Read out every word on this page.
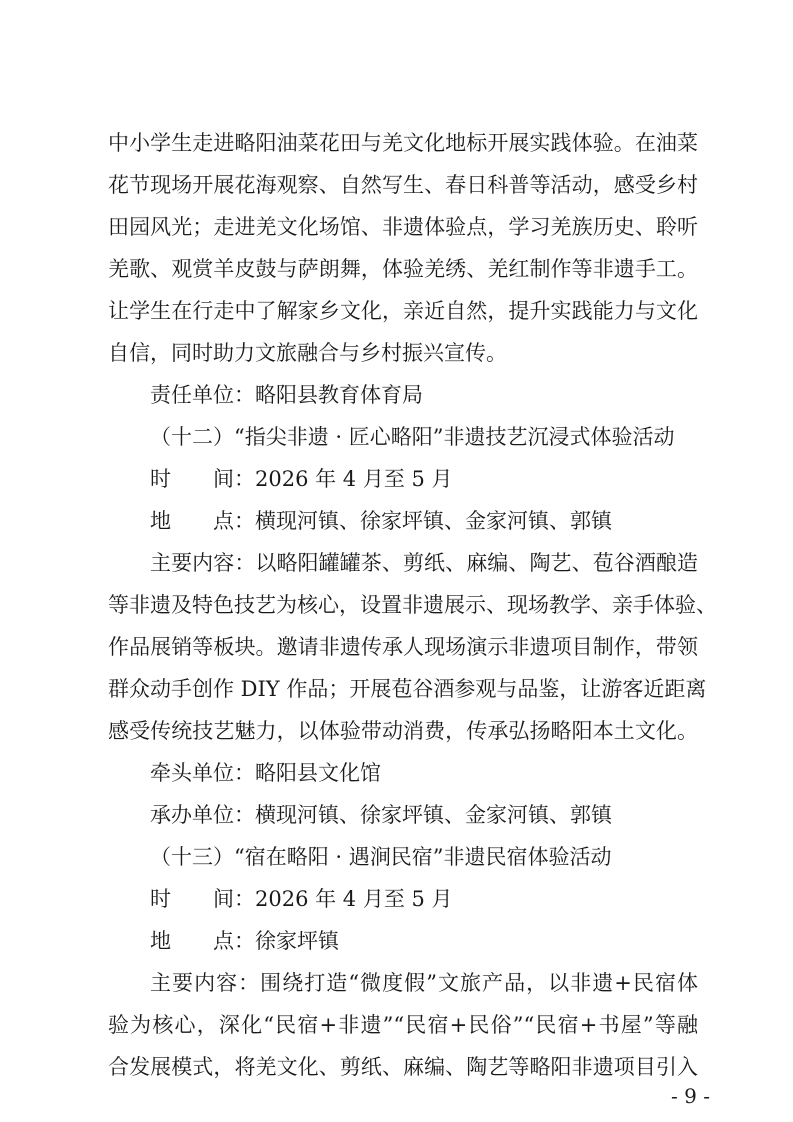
中小学生走进略阳油菜花田与羌文化地标开展实践体验。在油菜
花节现场开展花海观察、自然写生、春日科普等活动，感受乡村
田园风光；走进羌文化场馆、非遗体验点，学习羌族历史、聆听
羌歌、观赏羊皮鼓与萨朗舞，体验羌绣、羌红制作等非遗手工。
让学生在行走中了解家乡文化，亲近自然，提升实践能力与文化
自信，同时助力文旅融合与乡村振兴宣传。
责任单位：略阳县教育体育局
（十二）“指尖非遗 · 匠心略阳”非遗技艺沉浸式体验活动
时　　间：2026 年 4 月至 5 月
地　　点：横现河镇、徐家坪镇、金家河镇、郭镇
主要内容：以略阳罐罐茶、剪纸、麻编、陶艺、苞谷酒酿造
等非遗及特色技艺为核心，设置非遗展示、现场教学、亲手体验、
作品展销等板块。邀请非遗传承人现场演示非遗项目制作，带领
群众动手创作 DIY 作品；开展苞谷酒参观与品鉴，让游客近距离
感受传统技艺魅力，以体验带动消费，传承弘扬略阳本土文化。
牵头单位：略阳县文化馆
承办单位：横现河镇、徐家坪镇、金家河镇、郭镇
（十三）“宿在略阳 · 遇涧民宿”非遗民宿体验活动
时　　间：2026 年 4 月至 5 月
地　　点：徐家坪镇
主要内容：围绕打造“微度假”文旅产品，以非遗+民宿体
验为核心，深化“民宿+非遗”“民宿+民俗”“民宿+书屋”等融
合发展模式，将羌文化、剪纸、麻编、陶艺等略阳非遗项目引入
- 9 -
